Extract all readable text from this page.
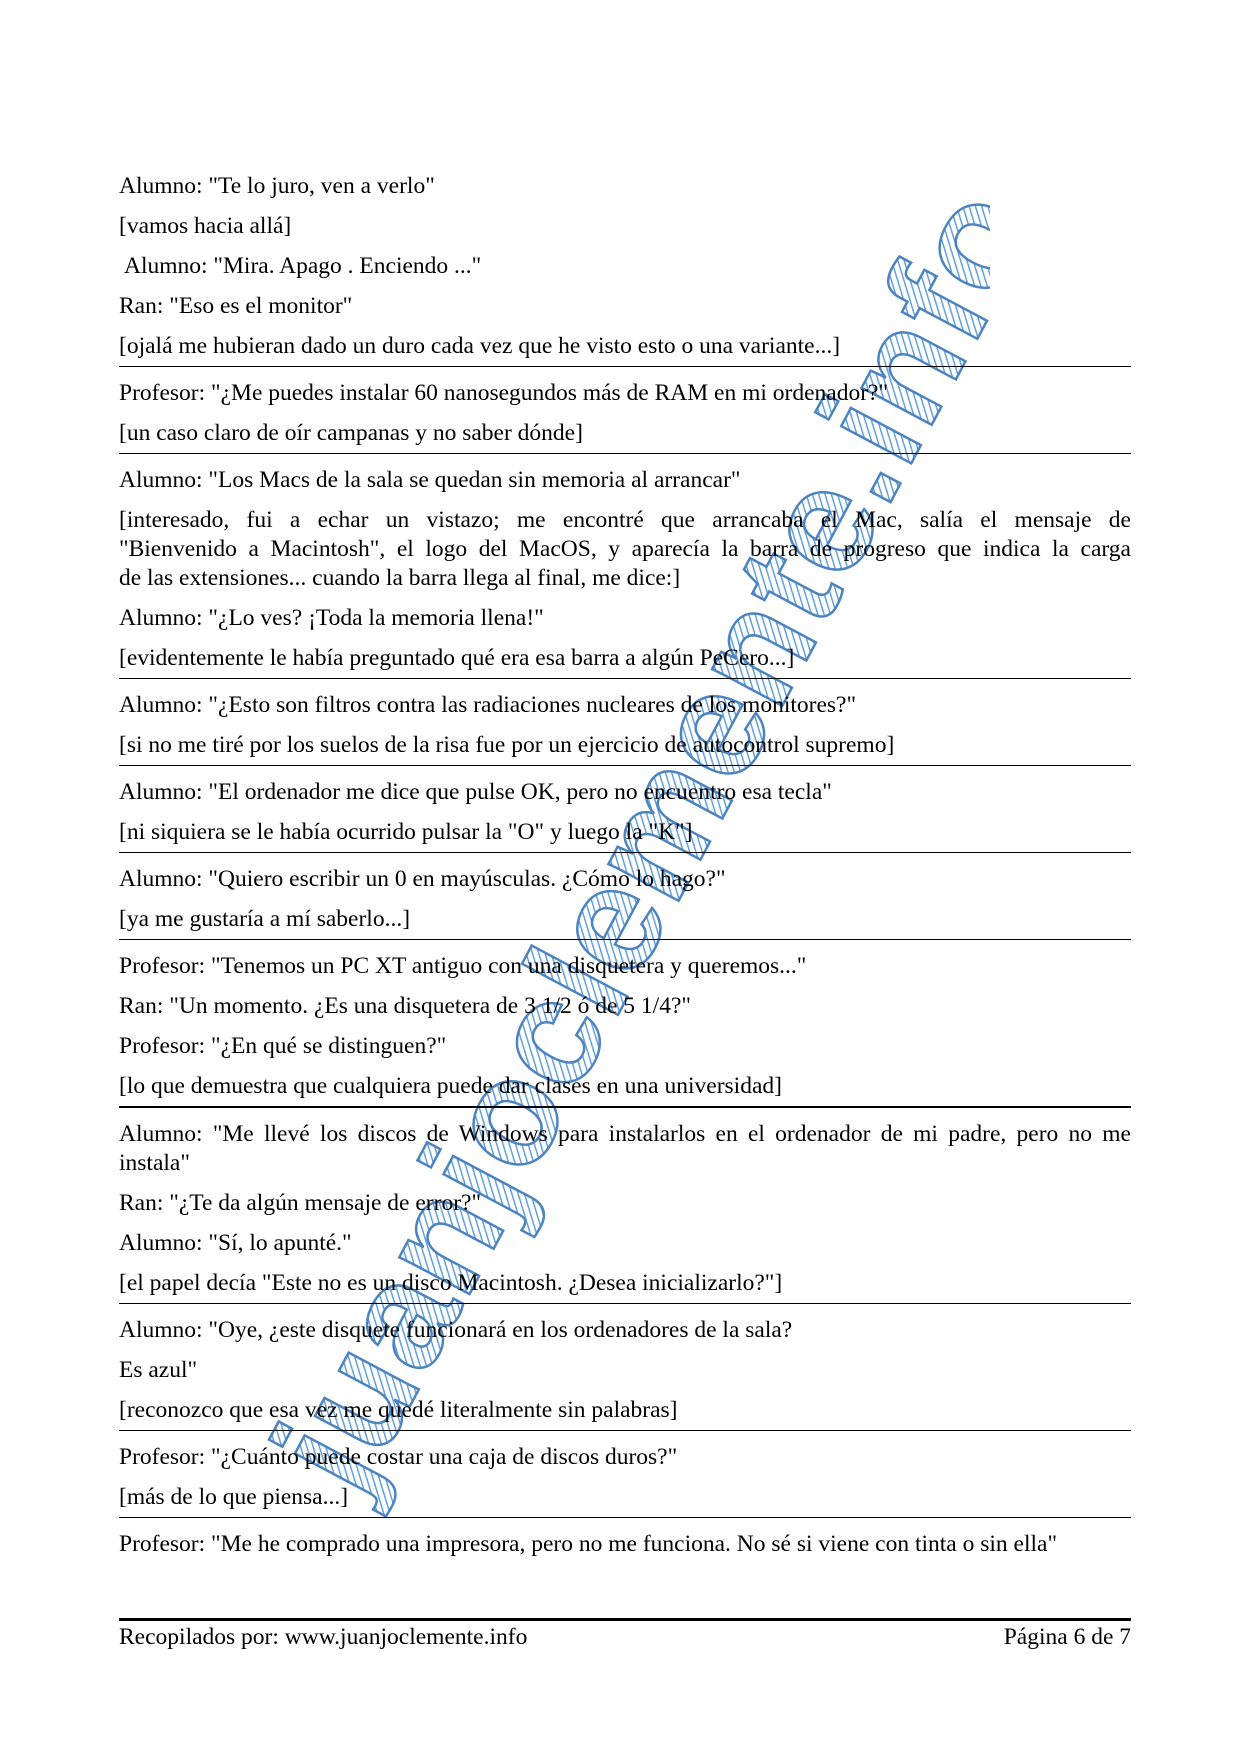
juanjoclemente.info
Alumno: "Te lo juro, ven a verlo"
[vamos hacia allá]
Alumno: "Mira. Apago . Enciendo ..."
Ran: "Eso es el monitor"
[ojalá me hubieran dado un duro cada vez que he visto esto o una variante...]
Profesor: "¿Me puedes instalar 60 nanosegundos más de RAM en mi ordenador?"
[un caso claro de oír campanas y no saber dónde]
Alumno: "Los Macs de la sala se quedan sin memoria al arrancar"
[interesado, fui a echar un vistazo; me encontré que arrancaba el Mac, salía el mensaje de
"Bienvenido a Macintosh", el logo del MacOS, y aparecía la barra de progreso que indica la carga
de las extensiones... cuando la barra llega al final, me dice:]
Alumno: "¿Lo ves? ¡Toda la memoria llena!"
[evidentemente le había preguntado qué era esa barra a algún PeCero...]
Alumno: "¿Esto son filtros contra las radiaciones nucleares de los monitores?"
[si no me tiré por los suelos de la risa fue por un ejercicio de autocontrol supremo]
Alumno: "El ordenador me dice que pulse OK, pero no encuentro esa tecla"
[ni siquiera se le había ocurrido pulsar la "O" y luego la "K"]
Alumno: "Quiero escribir un 0 en mayúsculas. ¿Cómo lo hago?"
[ya me gustaría a mí saberlo...]
Profesor: "Tenemos un PC XT antiguo con una disquetera y queremos..."
Ran: "Un momento. ¿Es una disquetera de 3 1/2 ó de 5 1/4?"
Profesor: "¿En qué se distinguen?"
[lo que demuestra que cualquiera puede dar clases en una universidad]
Alumno: "Me llevé los discos de Windows para instalarlos en el ordenador de mi padre, pero no me
instala"
Ran: "¿Te da algún mensaje de error?"
Alumno: "Sí, lo apunté."
[el papel decía "Este no es un disco Macintosh. ¿Desea inicializarlo?"]
Alumno: "Oye, ¿este disquete funcionará en los ordenadores de la sala?
Es azul"
[reconozco que esa vez me quedé literalmente sin palabras]
Profesor: "¿Cuánto puede costar una caja de discos duros?"
[más de lo que piensa...]
Profesor: "Me he comprado una impresora, pero no me funciona. No sé si viene con tinta o sin ella"
Recopilados por: www.juanjoclemente.info	Página 6 de 7
